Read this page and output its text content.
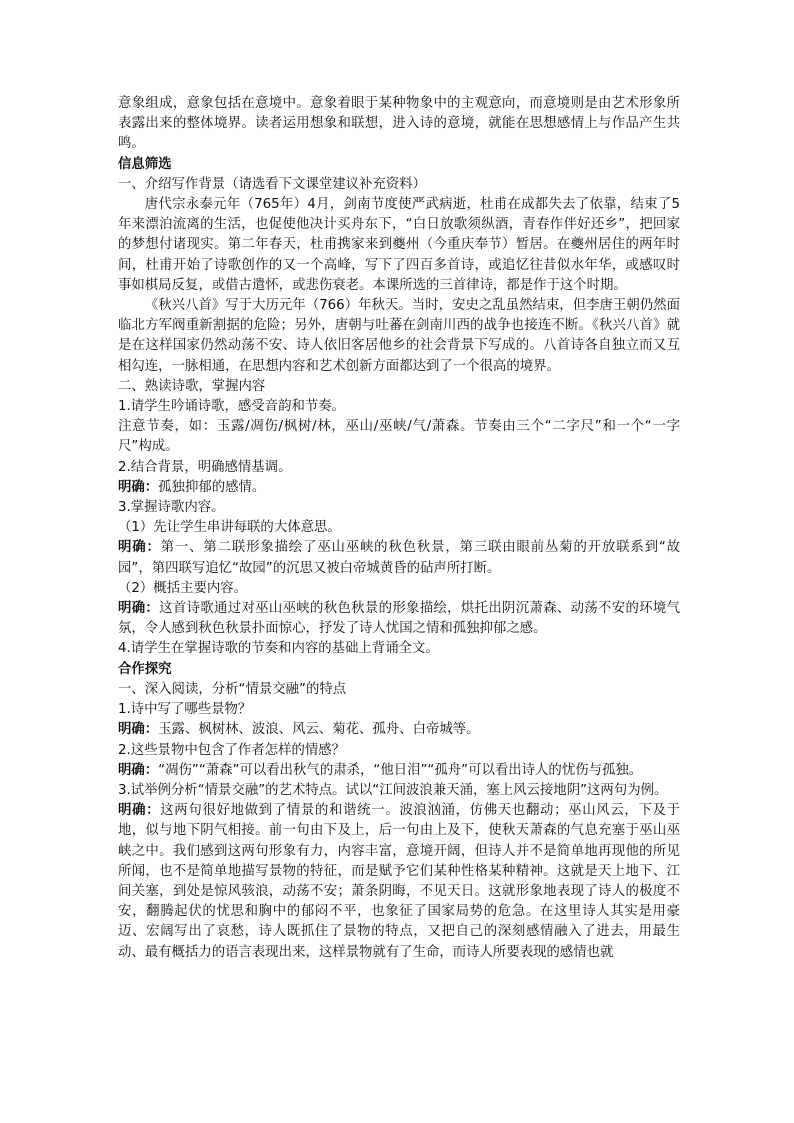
意象组成，意象包括在意境中。意象着眼于某种物象中的主观意向，而意境则是由艺术形象所表露出来的整体境界。读者运用想象和联想，进入诗的意境，就能在思想感情上与作品产生共鸣。

信息筛选

一、介绍写作背景（请选看下文课堂建议补充资料）

唐代宗永泰元年（765年）4月，剑南节度使严武病逝，杜甫在成都失去了依靠，结束了5年来漂泊流离的生活，也促使他决计买舟东下，“白日放歌须纵酒，青春作伴好还乡”，把回家的梦想付诸现实。第二年春天，杜甫携家来到夔州（今重庆奉节）暂居。在夔州居住的两年时间，杜甫开始了诗歌创作的又一个高峰，写下了四百多首诗，或追忆往昔似水年华，或感叹时事如棋局反复，或借古遣怀，或悲伤衰老。本课所选的三首律诗，都是作于这个时期。

《秋兴八首》写于大历元年（766）年秋天。当时，安史之乱虽然结束，但李唐王朝仍然面临北方军阀重新割据的危险；另外，唐朝与吐蕃在剑南川西的战争也接连不断。《秋兴八首》就是在这样国家仍然动荡不安、诗人依旧客居他乡的社会背景下写成的。八首诗各自独立而又互相勾连，一脉相通，在思想内容和艺术创新方面都达到了一个很高的境界。

二、熟读诗歌，掌握内容

1.请学生吟诵诗歌，感受音韵和节奏。

注意节奏，如：玉露/凋伤/枫树/林，巫山/巫峡/气/萧森。节奏由三个“二字尺”和一个“一字尺”构成。

2.结合背景，明确感情基调。

明确：孤独抑郁的感情。

3.掌握诗歌内容。

（1）先让学生串讲每联的大体意思。

明确：第一、第二联形象描绘了巫山巫峡的秋色秋景，第三联由眼前丛菊的开放联系到“故园”，第四联写追忆“故园”的沉思又被白帝城黄昏的砧声所打断。

（2）概括主要内容。

明确：这首诗歌通过对巫山巫峡的秋色秋景的形象描绘，烘托出阴沉萧森、动荡不安的环境气氛，令人感到秋色秋景扑面惊心，抒发了诗人忧国之情和孤独抑郁之感。

4.请学生在掌握诗歌的节奏和内容的基础上背诵全文。

合作探究

一、深入阅读，分析“情景交融”的特点

1.诗中写了哪些景物？

明确：玉露、枫树林、波浪、风云、菊花、孤舟、白帝城等。

2.这些景物中包含了作者怎样的情感？

明确：“凋伤”“萧森”可以看出秋气的肃杀，“他日泪”“孤舟”可以看出诗人的忧伤与孤独。

3.试举例分析“情景交融”的艺术特点。试以“江间波浪兼天涌，塞上风云接地阴”这两句为例。

明确：这两句很好地做到了情景的和谐统一。波浪汹涌，仿佛天也翻动；巫山风云，下及于地，似与地下阴气相接。前一句由下及上，后一句由上及下，使秋天萧森的气息充塞于巫山巫峡之中。我们感到这两句形象有力，内容丰富，意境开阔，但诗人并不是简单地再现他的所见所闻，也不是简单地描写景物的特征，而是赋予它们某种性格某种精神。这就是天上地下、江间关塞，到处是惊风骇浪，动荡不安；萧条阴晦，不见天日。这就形象地表现了诗人的极度不安，翻腾起伏的忧思和胸中的郁闷不平，也象征了国家局势的危急。在这里诗人其实是用豪迈、宏阔写出了哀愁，诗人既抓住了景物的特点，又把自己的深刻感情融入了进去，用最生动、最有概括力的语言表现出来，这样景物就有了生命，而诗人所要表现的感情也就
